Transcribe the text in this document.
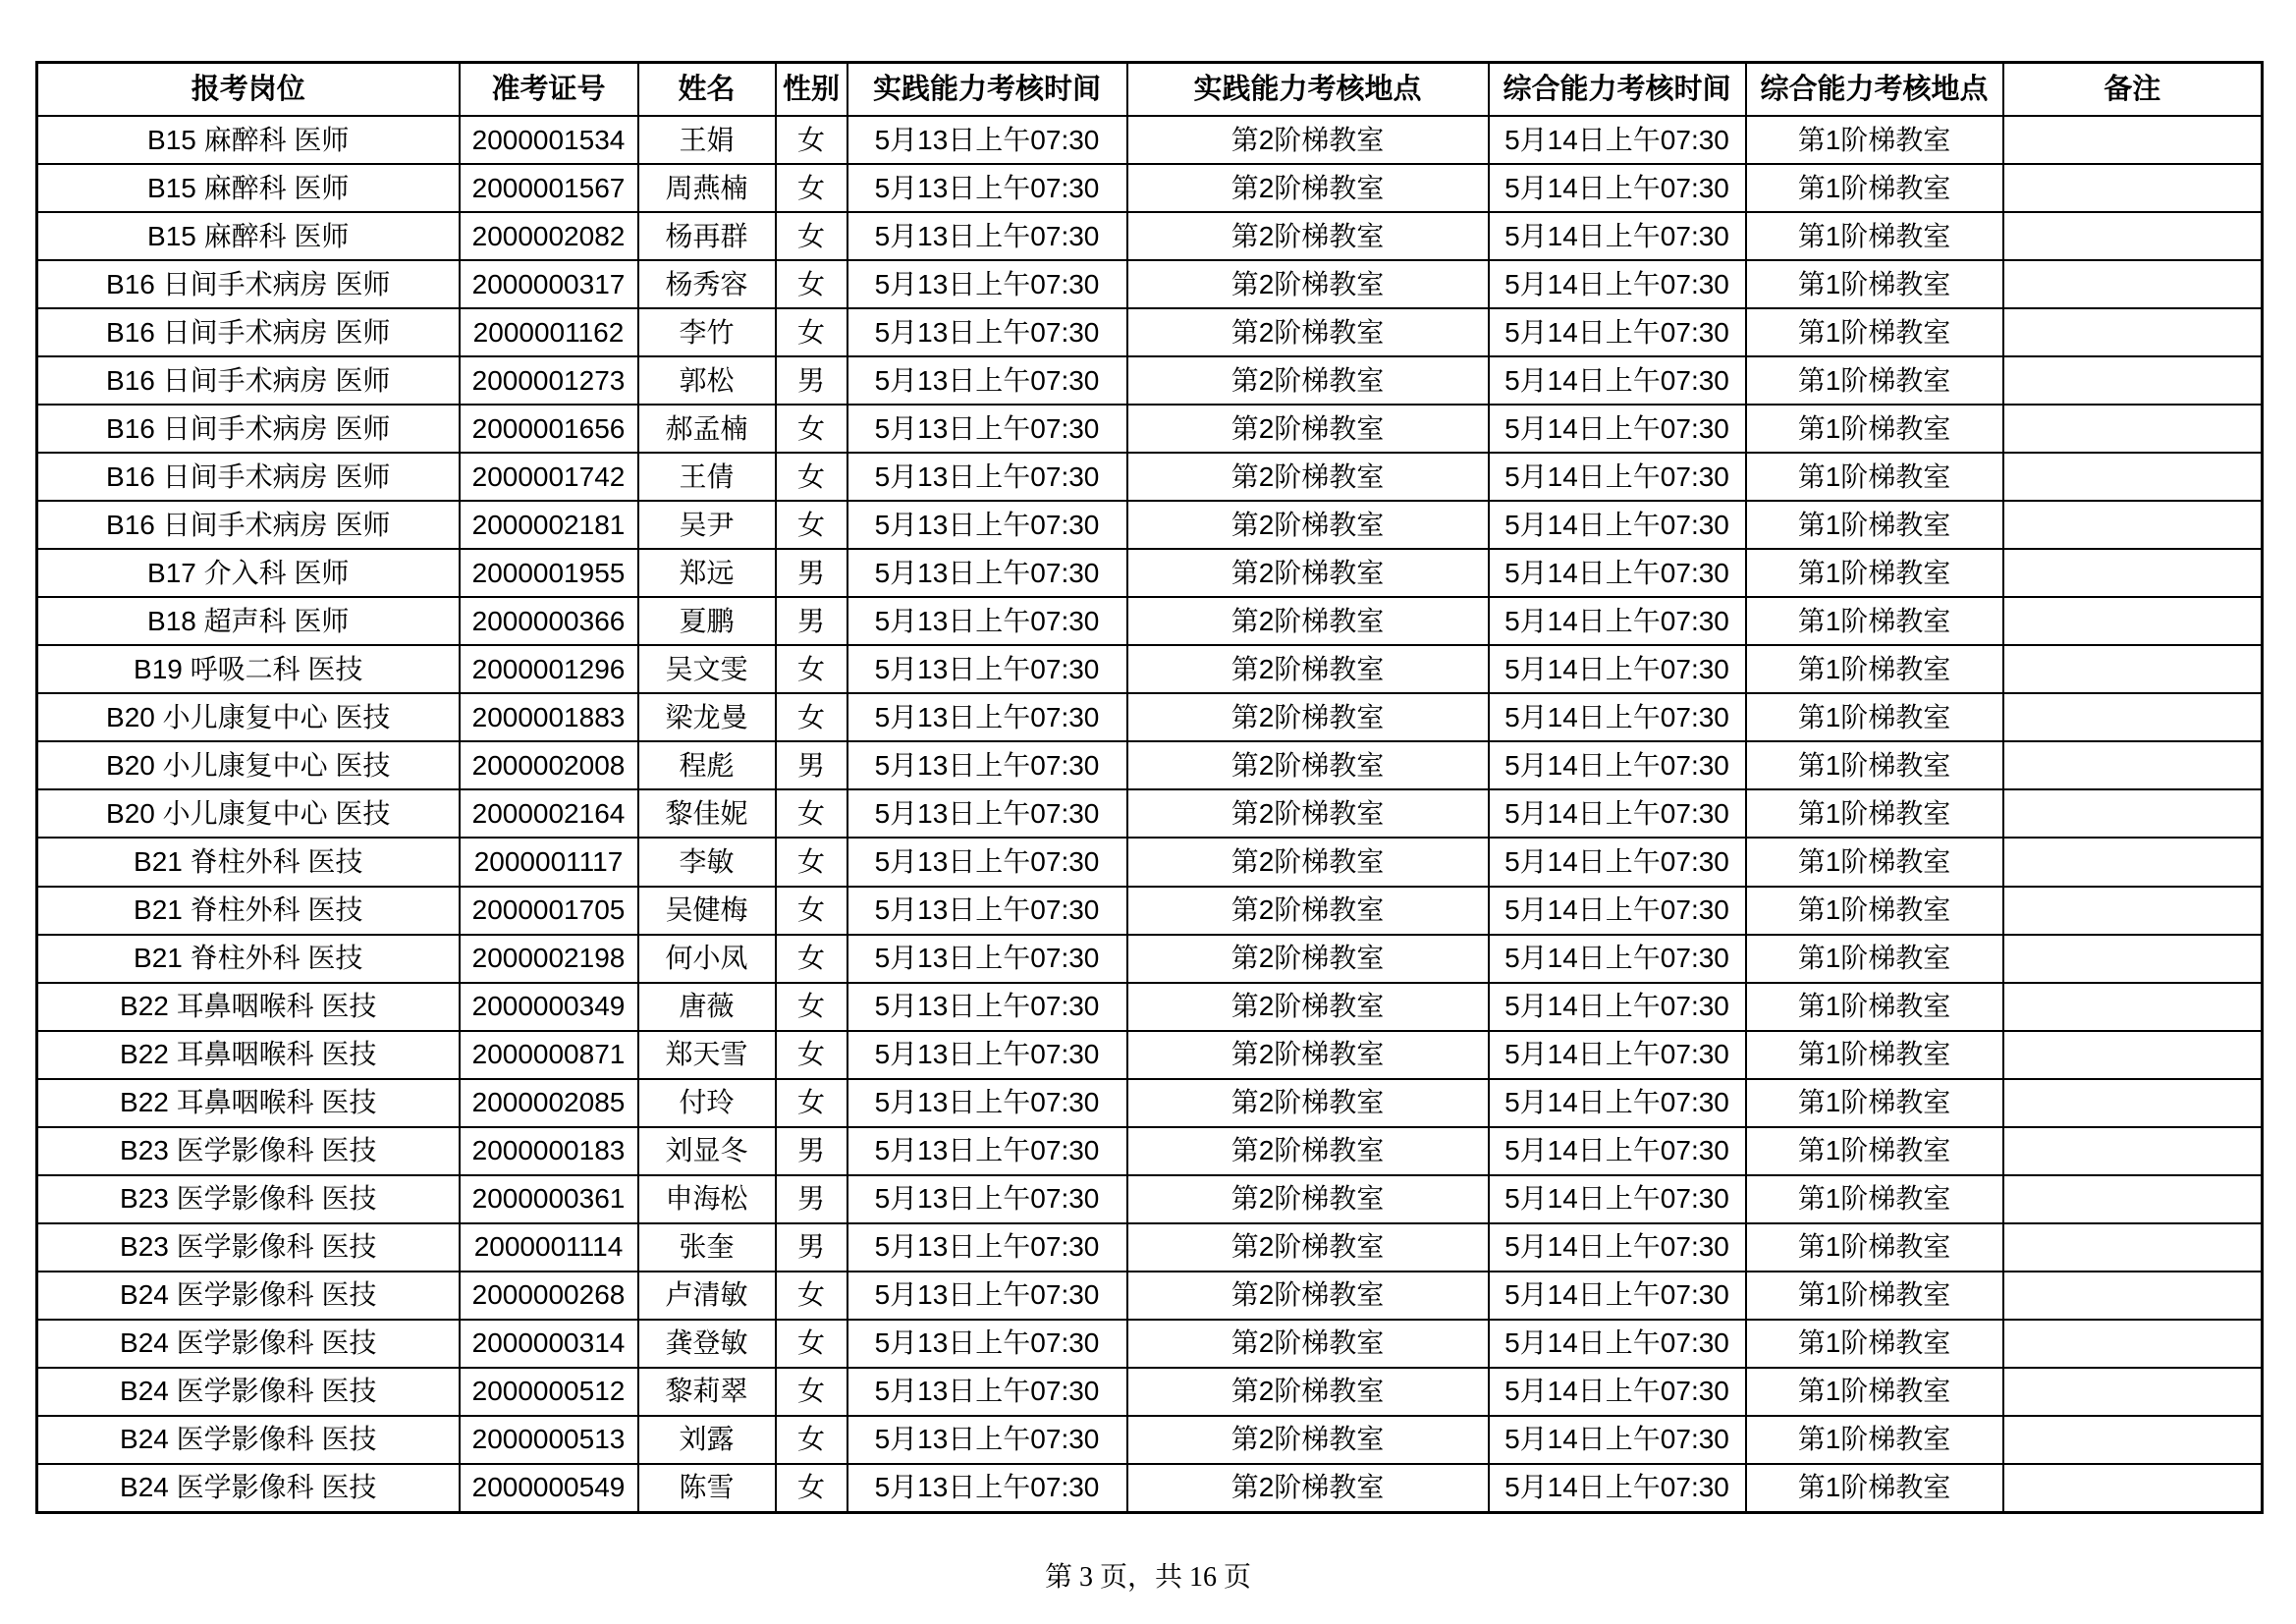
报考岗位	准考证号	姓名	性别	实践能力考核时间	实践能力考核地点	综合能力考核时间	综合能力考核地点	备注
B15 麻醉科 医师	2000001534	王娟	女	5月13日上午07:30	第2阶梯教室	5月14日上午07:30	第1阶梯教室	
B15 麻醉科 医师	2000001567	周燕楠	女	5月13日上午07:30	第2阶梯教室	5月14日上午07:30	第1阶梯教室	
B15 麻醉科 医师	2000002082	杨再群	女	5月13日上午07:30	第2阶梯教室	5月14日上午07:30	第1阶梯教室	
B16 日间手术病房 医师	2000000317	杨秀容	女	5月13日上午07:30	第2阶梯教室	5月14日上午07:30	第1阶梯教室	
B16 日间手术病房 医师	2000001162	李竹	女	5月13日上午07:30	第2阶梯教室	5月14日上午07:30	第1阶梯教室	
B16 日间手术病房 医师	2000001273	郭松	男	5月13日上午07:30	第2阶梯教室	5月14日上午07:30	第1阶梯教室	
B16 日间手术病房 医师	2000001656	郝孟楠	女	5月13日上午07:30	第2阶梯教室	5月14日上午07:30	第1阶梯教室	
B16 日间手术病房 医师	2000001742	王倩	女	5月13日上午07:30	第2阶梯教室	5月14日上午07:30	第1阶梯教室	
B16 日间手术病房 医师	2000002181	吴尹	女	5月13日上午07:30	第2阶梯教室	5月14日上午07:30	第1阶梯教室	
B17 介入科 医师	2000001955	郑远	男	5月13日上午07:30	第2阶梯教室	5月14日上午07:30	第1阶梯教室	
B18 超声科 医师	2000000366	夏鹏	男	5月13日上午07:30	第2阶梯教室	5月14日上午07:30	第1阶梯教室	
B19 呼吸二科 医技	2000001296	吴文雯	女	5月13日上午07:30	第2阶梯教室	5月14日上午07:30	第1阶梯教室	
B20 小儿康复中心 医技	2000001883	梁龙曼	女	5月13日上午07:30	第2阶梯教室	5月14日上午07:30	第1阶梯教室	
B20 小儿康复中心 医技	2000002008	程彪	男	5月13日上午07:30	第2阶梯教室	5月14日上午07:30	第1阶梯教室	
B20 小儿康复中心 医技	2000002164	黎佳妮	女	5月13日上午07:30	第2阶梯教室	5月14日上午07:30	第1阶梯教室	
B21 脊柱外科 医技	2000001117	李敏	女	5月13日上午07:30	第2阶梯教室	5月14日上午07:30	第1阶梯教室	
B21 脊柱外科 医技	2000001705	吴健梅	女	5月13日上午07:30	第2阶梯教室	5月14日上午07:30	第1阶梯教室	
B21 脊柱外科 医技	2000002198	何小凤	女	5月13日上午07:30	第2阶梯教室	5月14日上午07:30	第1阶梯教室	
B22 耳鼻咽喉科 医技	2000000349	唐薇	女	5月13日上午07:30	第2阶梯教室	5月14日上午07:30	第1阶梯教室	
B22 耳鼻咽喉科 医技	2000000871	郑天雪	女	5月13日上午07:30	第2阶梯教室	5月14日上午07:30	第1阶梯教室	
B22 耳鼻咽喉科 医技	2000002085	付玲	女	5月13日上午07:30	第2阶梯教室	5月14日上午07:30	第1阶梯教室	
B23 医学影像科 医技	2000000183	刘显冬	男	5月13日上午07:30	第2阶梯教室	5月14日上午07:30	第1阶梯教室	
B23 医学影像科 医技	2000000361	申海松	男	5月13日上午07:30	第2阶梯教室	5月14日上午07:30	第1阶梯教室	
B23 医学影像科 医技	2000001114	张奎	男	5月13日上午07:30	第2阶梯教室	5月14日上午07:30	第1阶梯教室	
B24 医学影像科 医技	2000000268	卢清敏	女	5月13日上午07:30	第2阶梯教室	5月14日上午07:30	第1阶梯教室	
B24 医学影像科 医技	2000000314	龚登敏	女	5月13日上午07:30	第2阶梯教室	5月14日上午07:30	第1阶梯教室	
B24 医学影像科 医技	2000000512	黎莉翠	女	5月13日上午07:30	第2阶梯教室	5月14日上午07:30	第1阶梯教室	
B24 医学影像科 医技	2000000513	刘露	女	5月13日上午07:30	第2阶梯教室	5月14日上午07:30	第1阶梯教室	
B24 医学影像科 医技	2000000549	陈雪	女	5月13日上午07:30	第2阶梯教室	5月14日上午07:30	第1阶梯教室	
第 3 页，共 16 页
